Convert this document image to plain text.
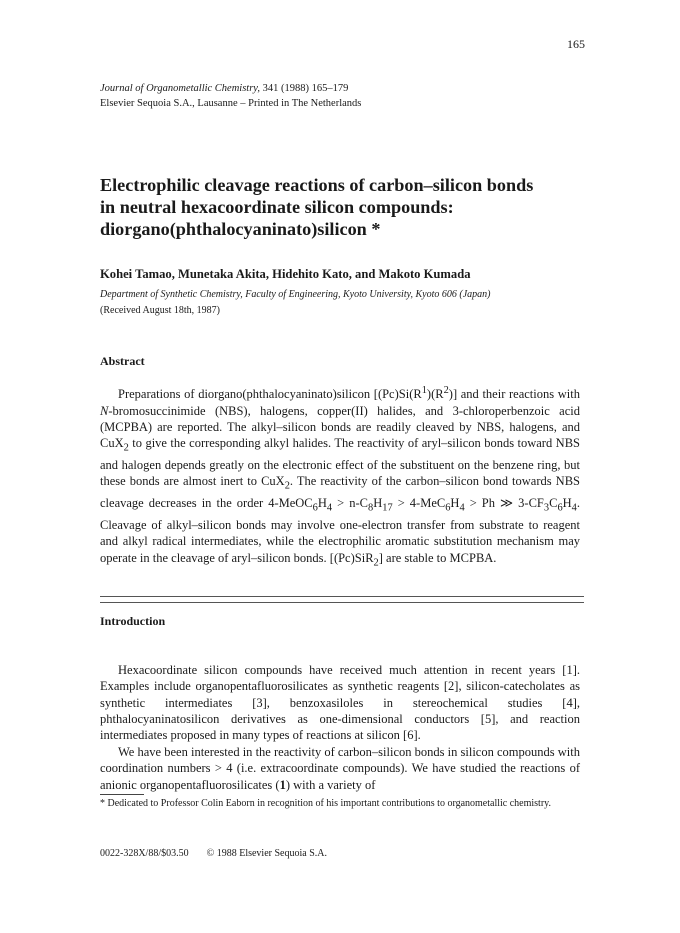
165
Journal of Organometallic Chemistry, 341 (1988) 165–179
Elsevier Sequoia S.A., Lausanne – Printed in The Netherlands
Electrophilic cleavage reactions of carbon–silicon bonds
in neutral hexacoordinate silicon compounds:
diorgano(phthalocyaninato)silicon *
Kohei Tamao, Munetaka Akita, Hidehito Kato, and Makoto Kumada
Department of Synthetic Chemistry, Faculty of Engineering, Kyoto University, Kyoto 606 (Japan)
(Received August 18th, 1987)
Abstract
Preparations of diorgano(phthalocyaninato)silicon $[(Pc)Si(R^1)(R^2)]$ and their reactions with N-bromosuccinimide (NBS), halogens, copper(II) halides, and 3-chloroperbenzoic acid (MCPBA) are reported. The alkyl–silicon bonds are readily cleaved by NBS, halogens, and CuX$_2$ to give the corresponding alkyl halides. The reactivity of aryl–silicon bonds toward NBS and halogen depends greatly on the electronic effect of the substituent on the benzene ring, but these bonds are almost inert to CuX$_2$. The reactivity of the carbon–silicon bond towards NBS cleavage decreases in the order $4-MeOC_6H_4 > n-C_8H_{17} > 4-MeC_6H_4 > Ph$ ≫ $3-CF_3C_6H_4$. Cleavage of alkyl–silicon bonds may involve one-electron transfer from substrate to reagent and alkyl radical intermediates, while the electrophilic aromatic substitution mechanism may operate in the cleavage of aryl–silicon bonds. [(Pc)SiR$_2$] are stable to MCPBA.
Introduction
Hexacoordinate silicon compounds have received much attention in recent years [1]. Examples include organopentafluorosilicates as synthetic reagents [2], silicon-catecholates as synthetic intermediates [3], benzoxasiloles in stereochemical studies [4], phthalocyaninatosilicon derivatives as one-dimensional conductors [5], and reaction intermediates proposed in many types of reactions at silicon [6].
We have been interested in the reactivity of carbon–silicon bonds in silicon compounds with coordination numbers > 4 (i.e. extracoordinate compounds). We have studied the reactions of anionic organopentafluorosilicates (1) with a variety of
* Dedicated to Professor Colin Eaborn in recognition of his important contributions to organometallic chemistry.
0022-328X/88/$03.50 © 1988 Elsevier Sequoia S.A.
